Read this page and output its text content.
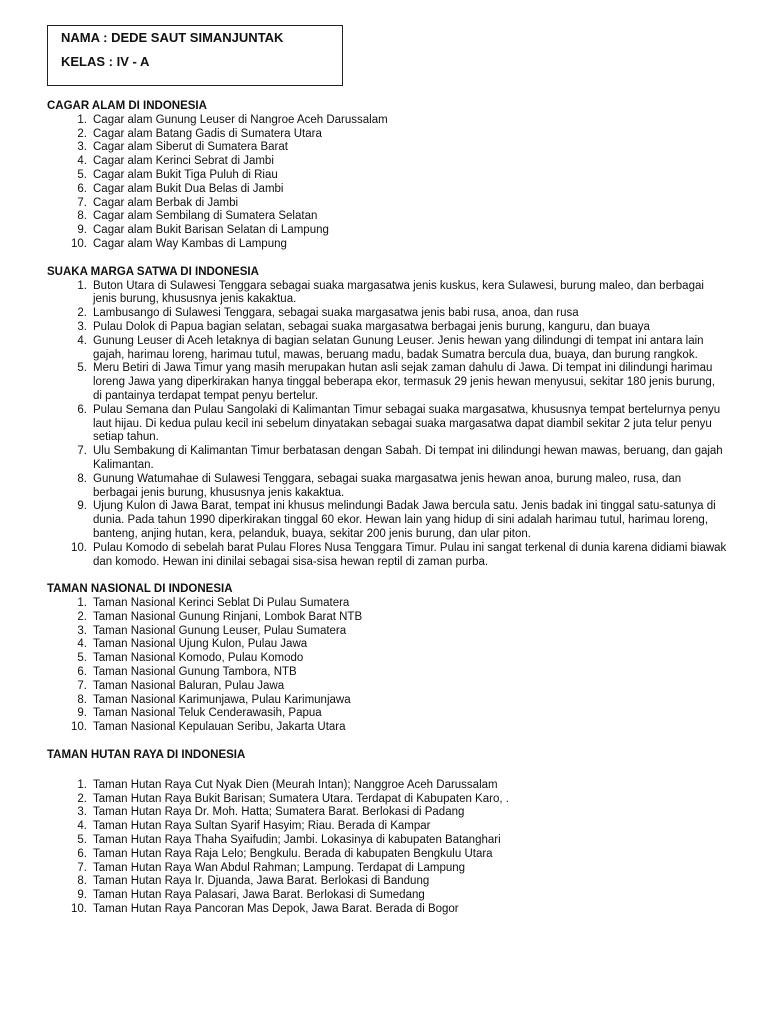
NAMA : DEDE SAUT SIMANJUNTAK

KELAS : IV - A

CAGAR ALAM DI INDONESIA

1. Cagar alam Gunung Leuser di Nangroe Aceh Darussalam
2. Cagar alam Batang Gadis di Sumatera Utara
3. Cagar alam Siberut di Sumatera Barat
4. Cagar alam Kerinci Sebrat di Jambi
5. Cagar alam Bukit Tiga Puluh di Riau
6. Cagar alam Bukit Dua Belas di Jambi
7. Cagar alam Berbak di Jambi
8. Cagar alam Sembilang di Sumatera Selatan
9. Cagar alam Bukit Barisan Selatan di Lampung
10. Cagar alam Way Kambas di Lampung

SUAKA MARGA SATWA DI INDONESIA

1. Buton Utara di Sulawesi Tenggara sebagai suaka margasatwa jenis kuskus, kera Sulawesi, burung maleo, dan berbagai jenis burung, khususnya jenis kakaktua.
2. Lambusango di Sulawesi Tenggara, sebagai suaka margasatwa jenis babi rusa, anoa, dan rusa
3. Pulau Dolok di Papua bagian selatan, sebagai suaka margasatwa berbagai jenis burung, kanguru, dan buaya
4. Gunung Leuser di Aceh letaknya di bagian selatan Gunung Leuser. Jenis hewan yang dilindungi di tempat ini antara lain gajah, harimau loreng, harimau tutul, mawas, beruang madu, badak Sumatra bercula dua, buaya, dan burung rangkok.
5. Meru Betiri di Jawa Timur yang masih merupakan hutan asli sejak zaman dahulu di Jawa. Di tempat ini dilindungi harimau loreng Jawa yang diperkirakan hanya tinggal beberapa ekor, termasuk 29 jenis hewan menyusui, sekitar 180 jenis burung, di pantainya terdapat tempat penyu bertelur.
6. Pulau Semana dan Pulau Sangolaki di Kalimantan Timur sebagai suaka margasatwa, khususnya tempat bertelurnya penyu laut hijau. Di kedua pulau kecil ini sebelum dinyatakan sebagai suaka margasatwa dapat diambil sekitar 2 juta telur penyu setiap tahun.
7. Ulu Sembakung di Kalimantan Timur berbatasan dengan Sabah. Di tempat ini dilindungi hewan mawas, beruang, dan gajah Kalimantan.
8. Gunung Watumahae di Sulawesi Tenggara, sebagai suaka margasatwa jenis hewan anoa, burung maleo, rusa, dan berbagai jenis burung, khususnya jenis kakaktua.
9. Ujung Kulon di Jawa Barat, tempat ini khusus melindungi Badak Jawa bercula satu. Jenis badak ini tinggal satu-satunya di dunia. Pada tahun 1990 diperkirakan tinggal 60 ekor. Hewan lain yang hidup di sini adalah harimau tutul, harimau loreng, banteng, anjing hutan, kera, pelanduk, buaya, sekitar 200 jenis burung, dan ular piton.
10. Pulau Komodo di sebelah barat Pulau Flores Nusa Tenggara Timur. Pulau ini sangat terkenal di dunia karena didiami biawak dan komodo. Hewan ini dinilai sebagai sisa-sisa hewan reptil di zaman purba.

TAMAN NASIONAL DI INDONESIA

1. Taman Nasional Kerinci Seblat Di Pulau Sumatera
2. Taman Nasional Gunung Rinjani, Lombok Barat NTB
3. Taman Nasional Gunung Leuser, Pulau Sumatera
4. Taman Nasional Ujung Kulon, Pulau Jawa
5. Taman Nasional Komodo, Pulau Komodo
6. Taman Nasional Gunung Tambora, NTB
7. Taman Nasional Baluran, Pulau Jawa
8. Taman Nasional Karimunjawa, Pulau Karimunjawa
9. Taman Nasional Teluk Cenderawasih, Papua
10. Taman Nasional Kepulauan Seribu, Jakarta Utara

TAMAN HUTAN RAYA DI INDONESIA

1. Taman Hutan Raya Cut Nyak Dien (Meurah Intan); Nanggroe Aceh Darussalam
2. Taman Hutan Raya Bukit Barisan; Sumatera Utara. Terdapat di Kabupaten Karo, .
3. Taman Hutan Raya Dr. Moh. Hatta; Sumatera Barat. Berlokasi di Padang
4. Taman Hutan Raya Sultan Syarif Hasyim; Riau. Berada di Kampar
5. Taman Hutan Raya Thaha Syaifudin; Jambi. Lokasinya di kabupaten Batanghari
6. Taman Hutan Raya Raja Lelo; Bengkulu. Berada di kabupaten Bengkulu Utara
7. Taman Hutan Raya Wan Abdul Rahman; Lampung. Terdapat di Lampung
8. Taman Hutan Raya Ir. Djuanda, Jawa Barat. Berlokasi di Bandung
9. Taman Hutan Raya Palasari, Jawa Barat. Berlokasi di Sumedang
10. Taman Hutan Raya Pancoran Mas Depok, Jawa Barat. Berada di Bogor
